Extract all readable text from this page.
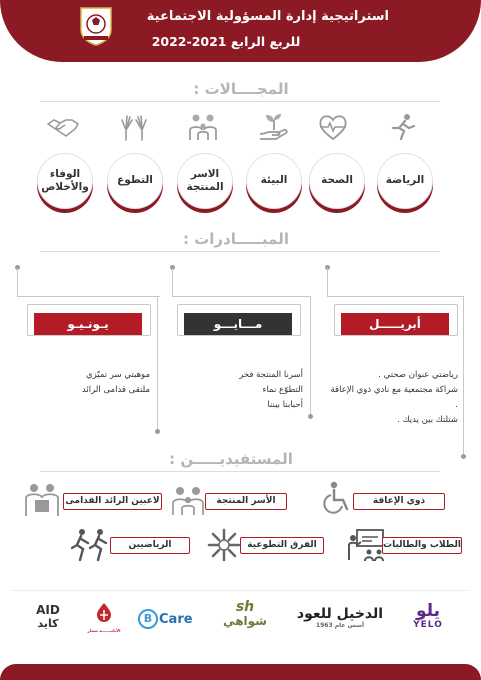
استراتيجية إدارة المسؤولية الاجتماعية
للربع الرابع 2021-2022
المجــــالات :
الرياضة
الصحة
البيئة
الاسر المنتجة
التطوع
الوفاء والأخلاص
المبـــــادرات :
أبريـــــل
مـــايـــو
يـونـيـو
رياضتي عنوان صحتي .
شراكة مجتمعية مع نادي ذوي الإعاقة .
شتلتك بين يديك .
أسرنا المنتجة فخر
التطوّع نماء
أحبابنا بيننا
موهبتي سر تميّزي
ملتقى قدامى الرائد
المستفيديـــــن :
ذوي الإعاقة
الأسر المنتجة
لاعبين الرائد القدامى
الطلاب والطالبات
الفرق التطوعية
الرياضيين
يلو
YELO
الدخيل للعود
أسس عام 1963
sh
شواهي
B Care
الأنانيــــــة سمار
AID
كايد
